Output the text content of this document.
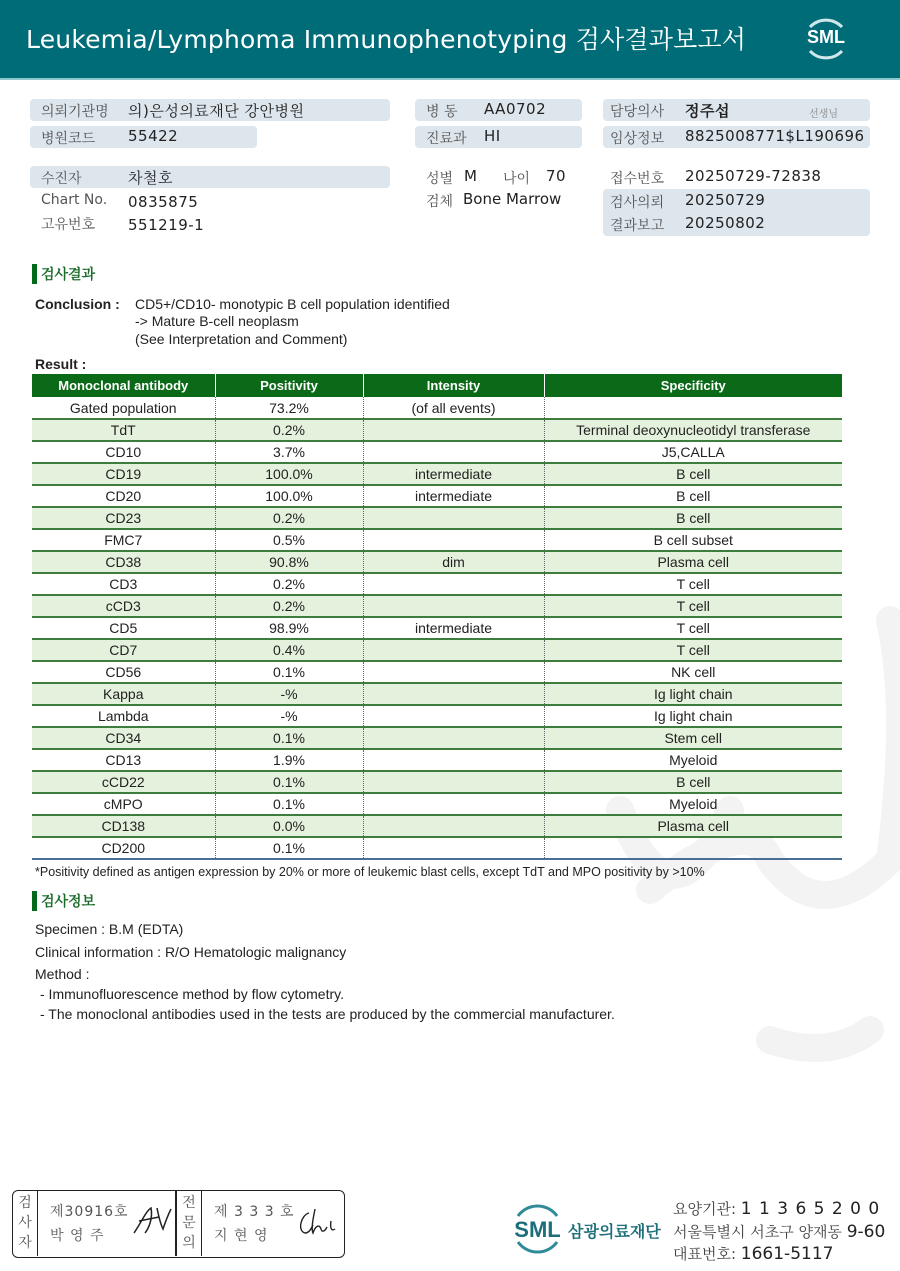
Leukemia/Lymphoma Immunophenotyping 검사결과보고서	SML
의뢰기관명 의)은성의료재단 강안병원
병원코드 55422
수진자	차철호
Chart No. 0835875
고유번호 551219-1
병 동 AA0702
진료과 HI
성별 M 나이 70
검체 Bone Marrow
담당의사 정주섭	선생님
임상정보 8825008771$L190696
접수번호 20250729-72838
검사의뢰 20250729
결과보고 20250802
검사결과
Conclusion : CD5+/CD10- monotypic B cell population identified
-> Mature B-cell neoplasm
(See Interpretation and Comment)
Result :
Monoclonal antibody	Positivity	Intensity	Specificity
Gated population	73.2%	(of all events)	
TdT	0.2%		Terminal deoxynucleotidyl transferase
CD10	3.7%		J5,CALLA
CD19	100.0%	intermediate	B cell
CD20	100.0%	intermediate	B cell
CD23	0.2%		B cell
FMC7	0.5%		B cell subset
CD38	90.8%	dim	Plasma cell
CD3	0.2%		T cell
cCD3	0.2%		T cell
CD5	98.9%	intermediate	T cell
CD7	0.4%		T cell
CD56	0.1%		NK cell
Kappa	-%		Ig light chain
Lambda	-%		Ig light chain
CD34	0.1%		Stem cell
CD13	1.9%		Myeloid
cCD22	0.1%		B cell
cMPO	0.1%		Myeloid
CD138	0.0%		Plasma cell
CD200	0.1%		
*Positivity defined as antigen expression by 20% or more of leukemic blast cells, except TdT and MPO positivity by >10%
검사정보
Specimen : B.M (EDTA)
Clinical information : R/O Hematologic malignancy
Method :
- Immunofluorescence method by flow cytometry.
- The monoclonal antibodies used in the tests are produced by the commercial manufacturer.
검
사
자
제30916호
박 영 주
전
문
의
제 3 3 3 호
지 현 영	SML 삼광의료재단
요양기관: 1 1 3 6 5 2 0 0
서울특별시 서초구 양재동 9-60
대표번호: 1661-5117
